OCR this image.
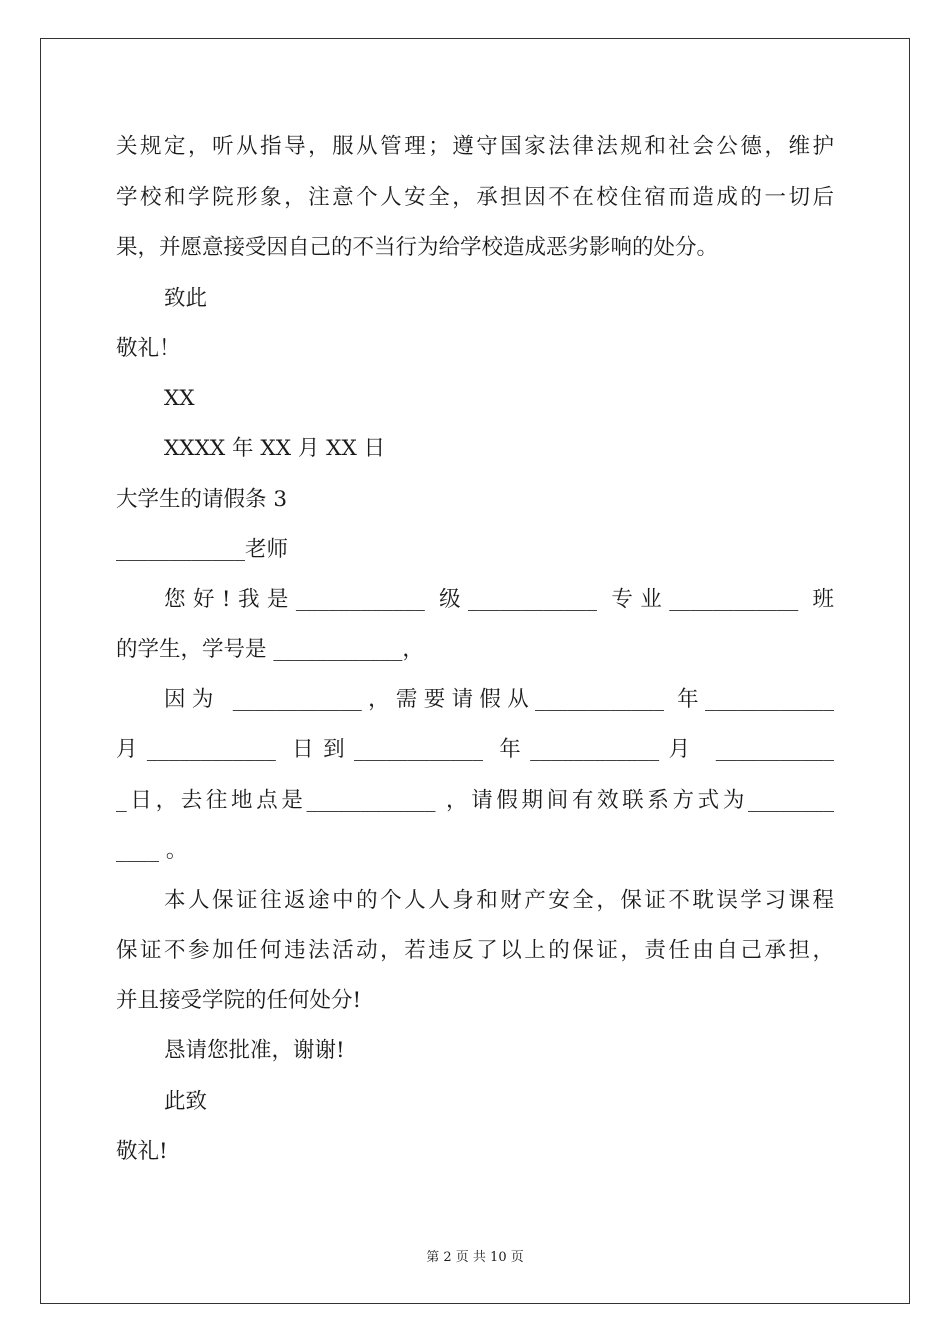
关规定，听从指导，服从管理；遵守国家法律法规和社会公德，维护
学校和学院形象，注意个人安全，承担因不在校住宿而造成的一切后
果，并愿意接受因自己的不当行为给学校造成恶劣影响的处分。
致此
敬礼！
XX
XXXX 年 XX 月 XX 日
大学生的请假条 3
____________老师
您好!我是____________ 级____________ 专业____________ 班
的学生，学号是 ____________，
因为 ____________，需要请假从____________ 年____________
月____________ 日到____________ 年____________月 ___________
_日，去往地点是____________ ，请假期间有效联系方式为________
____ 。
本人保证往返途中的个人人身和财产安全，保证不耽误学习课程
保证不参加任何违法活动，若违反了以上的保证，责任由自己承担，
并且接受学院的任何处分!
恳请您批准，谢谢!
此致
敬礼!
第 2 页 共 10 页
